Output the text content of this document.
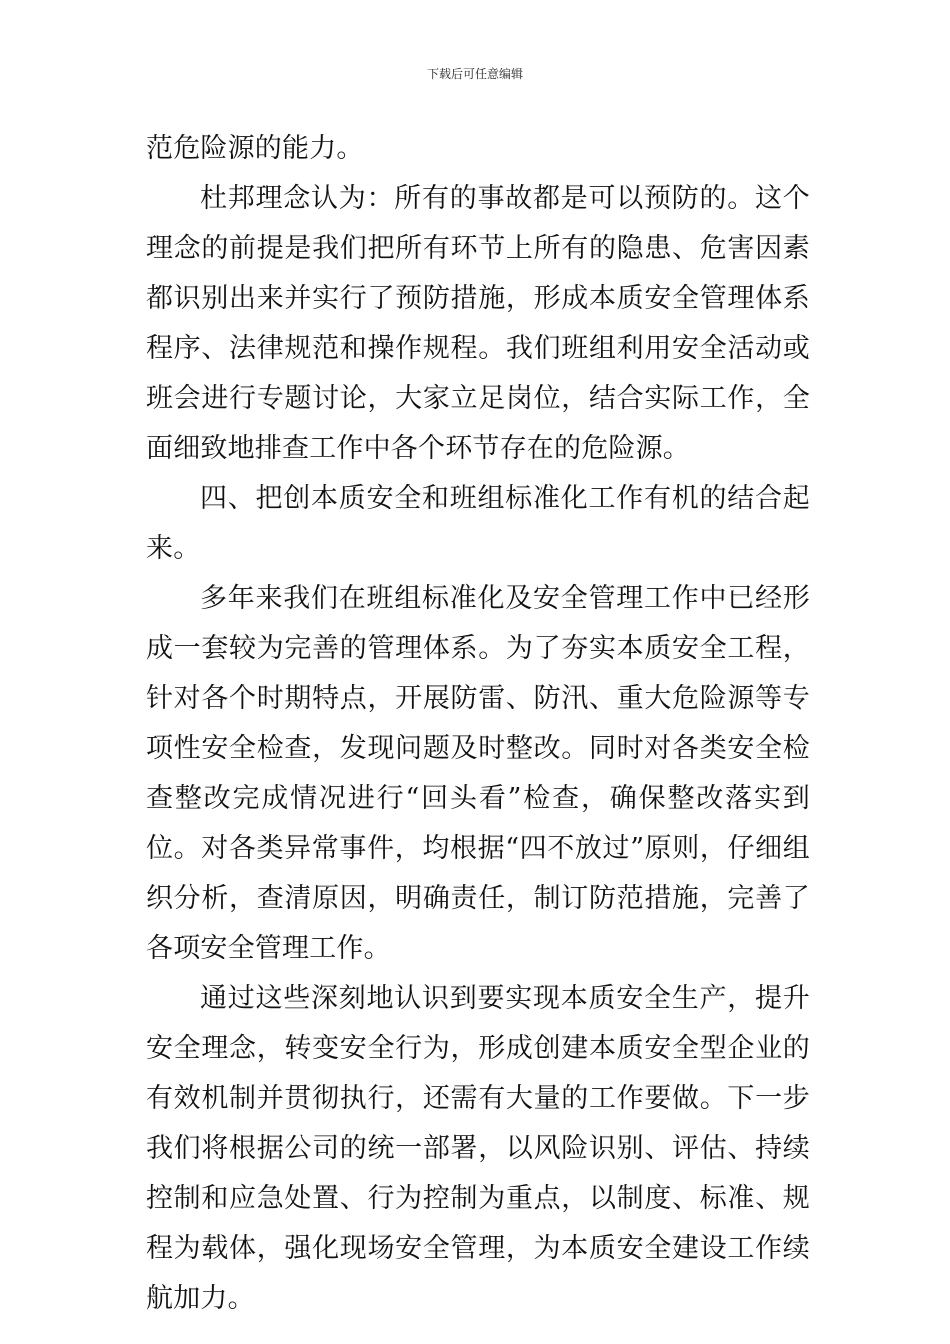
下载后可任意编辑

范危险源的能力。

杜邦理念认为：所有的事故都是可以预防的。这个理念的前提是我们把所有环节上所有的隐患、危害因素都识别出来并实行了预防措施，形成本质安全管理体系程序、法律规范和操作规程。我们班组利用安全活动或班会进行专题讨论，大家立足岗位，结合实际工作，全面细致地排查工作中各个环节存在的危险源。

四、把创本质安全和班组标准化工作有机的结合起来。

多年来我们在班组标准化及安全管理工作中已经形成一套较为完善的管理体系。为了夯实本质安全工程，针对各个时期特点，开展防雷、防汛、重大危险源等专项性安全检查，发现问题及时整改。同时对各类安全检查整改完成情况进行“回头看”检查，确保整改落实到位。对各类异常事件，均根据“四不放过”原则，仔细组织分析，查清原因，明确责任，制订防范措施，完善了各项安全管理工作。

通过这些深刻地认识到要实现本质安全生产，提升安全理念，转变安全行为，形成创建本质安全型企业的有效机制并贯彻执行，还需有大量的工作要做。下一步我们将根据公司的统一部署，以风险识别、评估、持续控制和应急处置、行为控制为重点，以制度、标准、规程为载体，强化现场安全管理，为本质安全建设工作续航加力。
